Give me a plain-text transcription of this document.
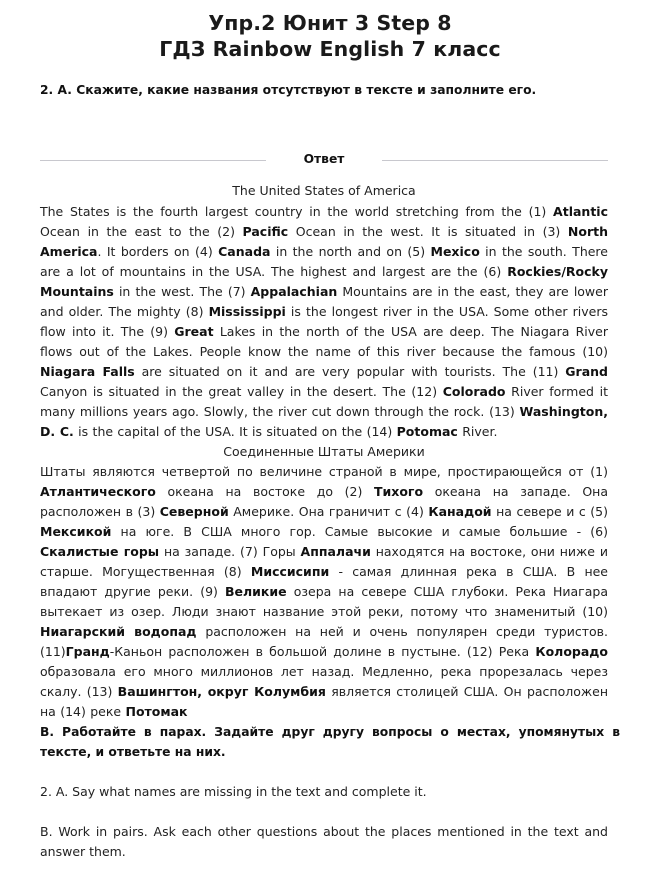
Упр.2 Юнит 3 Step 8
ГДЗ Rainbow English 7 класс
2. A. Скажите, какие названия отсутствуют в тексте и заполните его.
Ответ
The United States of America
The States is the fourth largest country in the world stretching from the (1) Atlantic Ocean in the east to the (2) Pacific Ocean in the west. It is situated in (3) North America. It borders on (4) Canada in the north and on (5) Mexico in the south. There are a lot of mountains in the USA. The highest and largest are the (6) Rockies/Rocky Mountains in the west. The (7) Appalachian Mountains are in the east, they are lower and older. The mighty (8) Mississippi is the longest river in the USA. Some other rivers flow into it. The (9) Great Lakes in the north of the USA are deep. The Niagara River flows out of the Lakes. People know the name of this river because the famous (10) Niagara Falls are situated on it and are very popular with tourists. The (11) Grand Canyon is situated in the great valley in the desert. The (12) Colorado River formed it many millions years ago. Slowly, the river cut down through the rock. (13) Washington, D. C. is the capital of the USA. It is situated on the (14) Potomac River.
Соединенные Штаты Америки
Штаты являются четвертой по величине страной в мире, простирающейся от (1) Атлантического океана на востоке до (2) Тихого океана на западе. Она расположен в (3) Северной Америке. Она граничит с (4) Канадой на севере и с (5) Мексикой на юге. В США много гор. Самые высокие и самые большие - (6) Скалистые горы на западе. (7) Горы Аппалачи находятся на востоке, они ниже и старше. Могущественная (8) Миссисипи - самая длинная река в США. В нее впадают другие реки. (9) Великие озера на севере США глубоки. Река Ниагара вытекает из озер. Люди знают название этой реки, потому что знаменитый (10) Ниагарский водопад расположен на ней и очень популярен среди туристов. (11)Гранд-Каньон расположен в большой долине в пустыне. (12) Река Колорадо образовала его много миллионов лет назад. Медленно, река прорезалась через скалу. (13) Вашингтон, округ Колумбия является столицей США. Он расположен на (14) реке Потомак
B. Работайте в парах. Задайте друг другу вопросы о местах, упомянутых в тексте, и ответьте на них.
2. A. Say what names are missing in the text and complete it.
B. Work in pairs. Ask each other questions about the places mentioned in the text and answer them.
